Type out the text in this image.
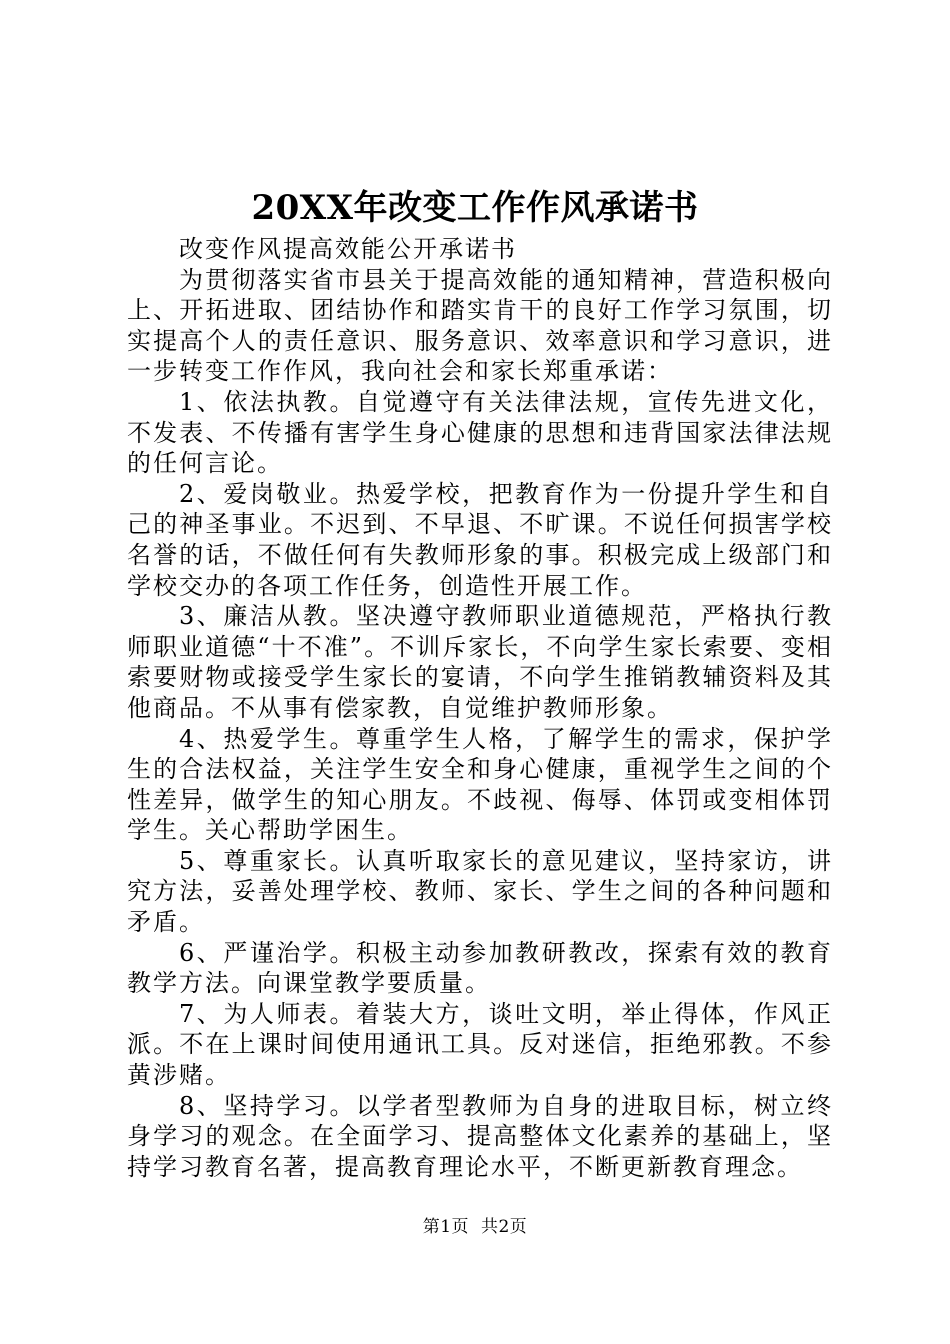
20XX年改变工作作风承诺书

改变作风提高效能公开承诺书

为贯彻落实省市县关于提高效能的通知精神，营造积极向上、开拓进取、团结协作和踏实肯干的良好工作学习氛围，切实提高个人的责任意识、服务意识、效率意识和学习意识，进一步转变工作作风，我向社会和家长郑重承诺：

1、依法执教。自觉遵守有关法律法规，宣传先进文化，不发表、不传播有害学生身心健康的思想和违背国家法律法规的任何言论。

2、爱岗敬业。热爱学校，把教育作为一份提升学生和自己的神圣事业。不迟到、不早退、不旷课。不说任何损害学校名誉的话，不做任何有失教师形象的事。积极完成上级部门和学校交办的各项工作任务，创造性开展工作。

3、廉洁从教。坚决遵守教师职业道德规范，严格执行教师职业道德“十不准”。不训斥家长，不向学生家长索要、变相索要财物或接受学生家长的宴请，不向学生推销教辅资料及其他商品。不从事有偿家教，自觉维护教师形象。

4、热爱学生。尊重学生人格，了解学生的需求，保护学生的合法权益，关注学生安全和身心健康，重视学生之间的个性差异，做学生的知心朋友。不歧视、侮辱、体罚或变相体罚学生。关心帮助学困生。

5、尊重家长。认真听取家长的意见建议，坚持家访，讲究方法，妥善处理学校、教师、家长、学生之间的各种问题和矛盾。

6、严谨治学。积极主动参加教研教改，探索有效的教育教学方法。向课堂教学要质量。

7、为人师表。着装大方，谈吐文明，举止得体，作风正派。不在上课时间使用通讯工具。反对迷信，拒绝邪教。不参黄涉赌。

8、坚持学习。以学者型教师为自身的进取目标，树立终身学习的观念。在全面学习、提高整体文化素养的基础上，坚持学习教育名著，提高教育理论水平，不断更新教育理念。

第1页 共2页
